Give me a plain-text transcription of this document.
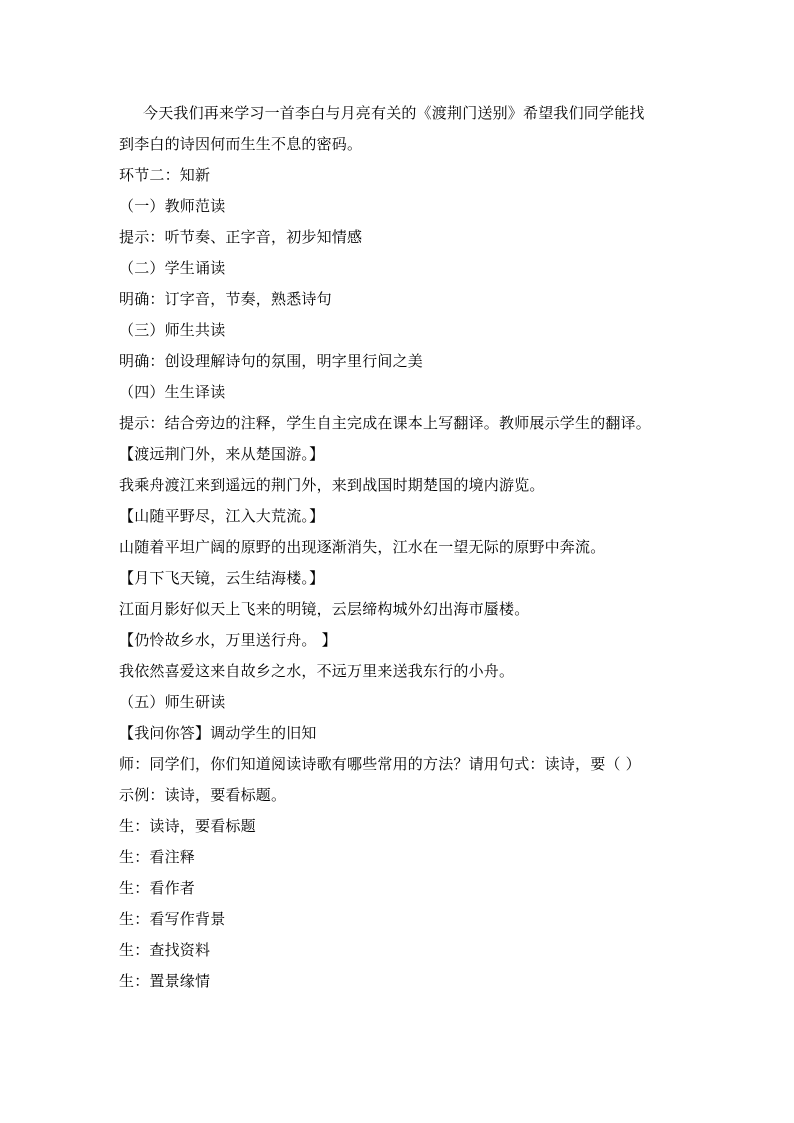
今天我们再来学习一首李白与月亮有关的《渡荆门送别》希望我们同学能找
到李白的诗因何而生生不息的密码。
环节二：知新
（一）教师范读
提示：听节奏、正字音，初步知情感
（二）学生诵读
明确：订字音，节奏，熟悉诗句
（三）师生共读
明确：创设理解诗句的氛围，明字里行间之美
（四）生生译读
提示：结合旁边的注释，学生自主完成在课本上写翻译。教师展示学生的翻译。
【渡远荆门外，来从楚国游。】
我乘舟渡江来到遥远的荆门外，来到战国时期楚国的境内游览。
【山随平野尽，江入大荒流。】
山随着平坦广阔的原野的出现逐渐消失，江水在一望无际的原野中奔流。
【月下飞天镜，云生结海楼。】
江面月影好似天上飞来的明镜，云层缔构城外幻出海市蜃楼。
【仍怜故乡水，万里送行舟。 】
我依然喜爱这来自故乡之水，不远万里来送我东行的小舟。
（五）师生研读
【我问你答】调动学生的旧知
师：同学们，你们知道阅读诗歌有哪些常用的方法？请用句式：读诗，要（ ）
示例：读诗，要看标题。
生：读诗，要看标题
生：看注释
生：看作者
生：看写作背景
生：查找资料
生：置景缘情
